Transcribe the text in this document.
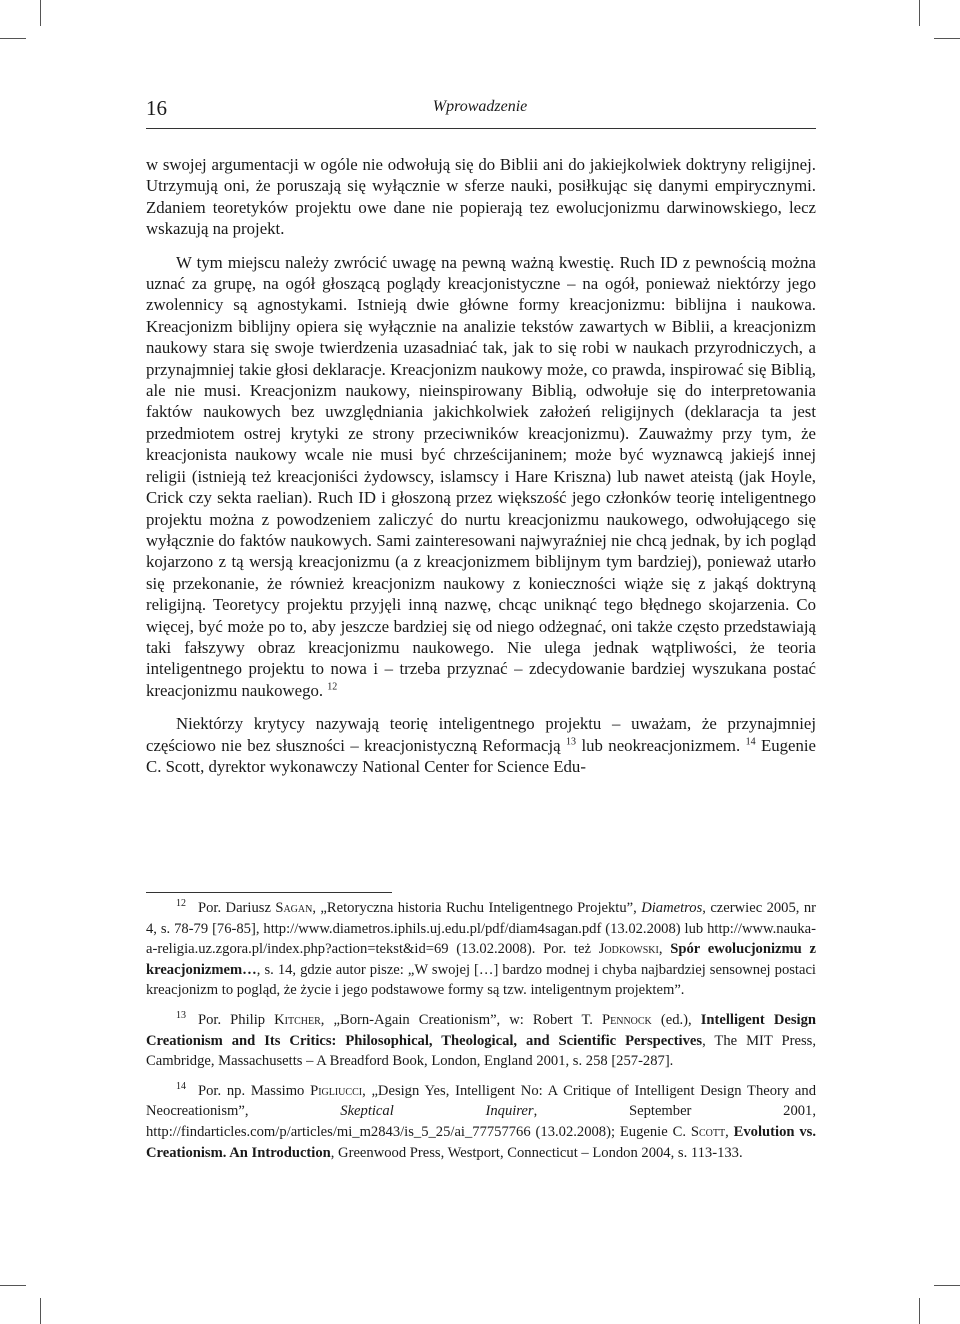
16	Wprowadzenie

w swojej argumentacji w ogóle nie odwołują się do Biblii ani do jakiejkolwiek doktryny religijnej. Utrzymują oni, że poruszają się wyłącznie w sferze nauki, posiłkując się danymi empirycznymi. Zdaniem teoretyków projektu owe dane nie popierają tez ewolucjonizmu darwinowskiego, lecz wskazują na projekt.

W tym miejscu należy zwrócić uwagę na pewną ważną kwestię. Ruch ID z pewnością można uznać za grupę, na ogół głoszącą poglądy kreacjonistyczne – na ogół, ponieważ niektórzy jego zwolennicy są agnostykami. Istnieją dwie główne formy kreacjonizmu: biblijna i naukowa. Kreacjonizm biblijny opiera się wyłącznie na analizie tekstów zawartych w Biblii, a kreacjonizm naukowy stara się swoje twierdzenia uzasadniać tak, jak to się robi w naukach przyrodniczych, a przynajmniej takie głosi deklaracje. Kreacjonizm naukowy może, co prawda, inspirować się Biblią, ale nie musi. Kreacjonizm naukowy, nieinspirowany Biblią, odwołuje się do interpretowania faktów naukowych bez uwzględniania jakichkolwiek założeń religijnych (deklaracja ta jest przedmiotem ostrej krytyki ze strony przeciwników kreacjonizmu). Zauważmy przy tym, że kreacjonista naukowy wcale nie musi być chrześcijaninem; może być wyznawcą jakiejś innej religii (istnieją też kreacjoniści żydowscy, islamscy i Hare Kriszna) lub nawet ateistą (jak Hoyle, Crick czy sekta raelian). Ruch ID i głoszoną przez większość jego członków teorię inteligentnego projektu można z powodzeniem zaliczyć do nurtu kreacjonizmu naukowego, odwołującego się wyłącznie do faktów naukowych. Sami zainteresowani najwyraźniej nie chcą jednak, by ich pogląd kojarzono z tą wersją kreacjonizmu (a z kreacjonizmem biblijnym tym bardziej), ponieważ utarło się przekonanie, że również kreacjonizm naukowy z konieczności wiąże się z jakąś doktryną religijną. Teoretycy projektu przyjęli inną nazwę, chcąc uniknąć tego błędnego skojarzenia. Co więcej, być może po to, aby jeszcze bardziej się od niego odżegnać, oni także często przedstawiają taki fałszywy obraz kreacjonizmu naukowego. Nie ulega jednak wątpliwości, że teoria inteligentnego projektu to nowa i – trzeba przyznać – zdecydowanie bardziej wyszukana postać kreacjonizmu naukowego. $^{12}$

Niektórzy krytycy nazywają teorię inteligentnego projektu – uważam, że przynajmniej częściowo nie bez słuszności – kreacjonistyczną Reformacją $^{13}$ lub neokreacjonizmem. $^{14}$ Eugenie C. Scott, dyrektor wykonawczy National Center for Science Edu-

$^{12}$ Por. Dariusz Sagan, „Retoryczna historia Ruchu Inteligentnego Projektu”, Diametros, czerwiec 2005, nr 4, s. 78-79 [76-85], http://www.diametros.iphils.uj.edu.pl/pdf/diam4sagan.pdf (13.02.2008) lub http://www.nauka-a-religia.uz.zgora.pl/index.php?action=tekst&id=69 (13.02.2008). Por. też Jodkowski, Spór ewolucjonizmu z kreacjonizmem…, s. 14, gdzie autor pisze: „W swojej […] bardzo modnej i chyba najbardziej sensownej postaci kreacjonizm to pogląd, że życie i jego podstawowe formy są tzw. inteligentnym projektem”.

$^{13}$ Por. Philip Kitcher, „Born-Again Creationism”, w: Robert T. Pennock (ed.), Intelligent Design Creationism and Its Critics: Philosophical, Theological, and Scientific Perspectives, The MIT Press, Cambridge, Massachusetts – A Breadford Book, London, England 2001, s. 258 [257-287].

$^{14}$ Por. np. Massimo Pigliucci, „Design Yes, Intelligent No: A Critique of Intelligent Design Theory and Neocreationism”, Skeptical Inquirer, September 2001, http://findarticles.com/p/articles/mi_m2843/is_5_25/ai_77757766 (13.02.2008); Eugenie C. Scott, Evolution vs. Creationism. An Introduction, Greenwood Press, Westport, Connecticut – London 2004, s. 113-133.
